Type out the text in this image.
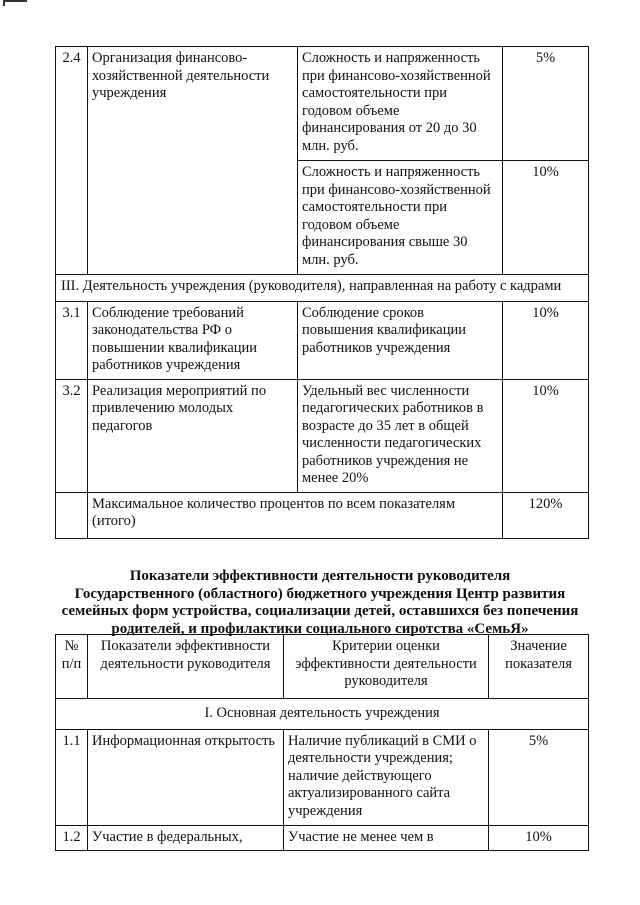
2.4	Организация финансово-хозяйственной деятельности учреждения	Сложность и напряженность при финансово-хозяйственной самостоятельности при годовом объеме финансирования от 20 до 30 млн. руб.	5%
		Сложность и напряженность при финансово-хозяйственной самостоятельности при годовом объеме финансирования свыше 30 млн. руб.	10%
III. Деятельность учреждения (руководителя), направленная на работу с кадрами			
3.1	Соблюдение требований законодательства РФ о повышении квалификации работников учреждения	Соблюдение сроков повышения квалификации работников учреждения	10%
3.2	Реализация мероприятий по привлечению молодых педагогов	Удельный вес численности педагогических работников в возрасте до 35 лет в общей численности педагогических работников учреждения не менее 20%	10%
	Максимальное количество процентов по всем показателям (итого)		120%
Показатели эффективности деятельности руководителя
Государственного (областного) бюджетного учреждения Центр развития
семейных форм устройства, социализации детей, оставшихся без попечения
родителей, и профилактики социального сиротства «СемьЯ»
№ п/п	Показатели эффективности деятельности руководителя	Критерии оценки эффективности деятельности руководителя	Значение показателя
I. Основная деятельность учреждения			
1.1	Информационная открытость	Наличие публикаций в СМИ о деятельности учреждения; наличие действующего актуализированного сайта учреждения	5%
1.2	Участие в федеральных,	Участие не менее чем в	10%
